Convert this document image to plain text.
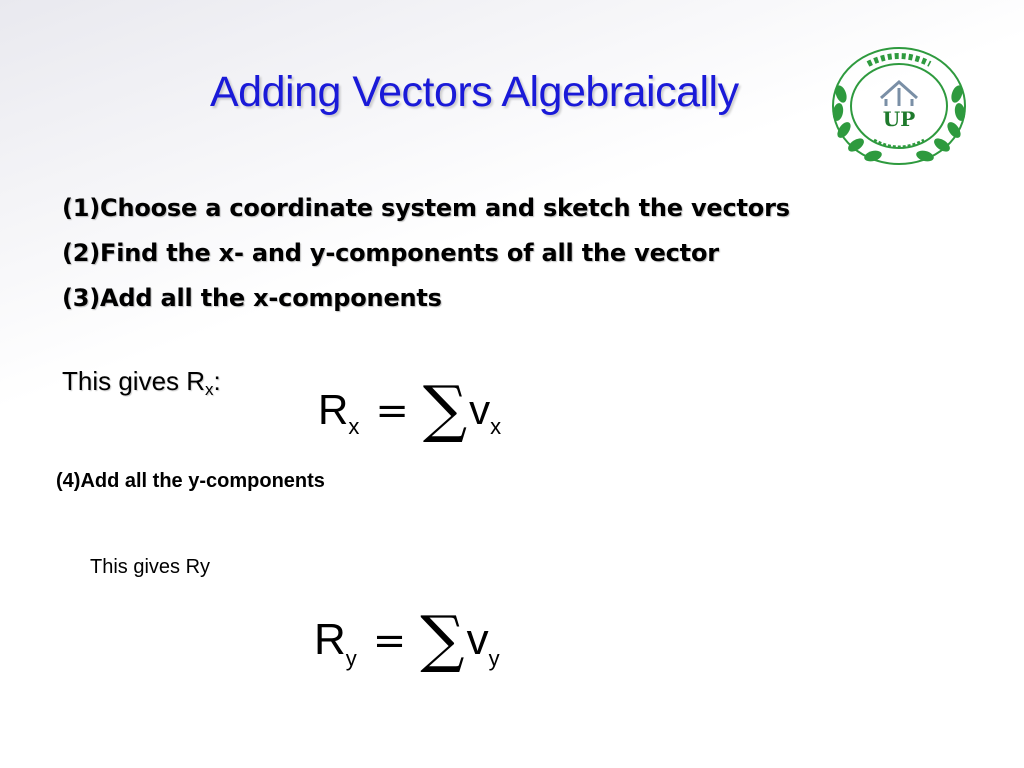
Adding Vectors Algebraically
UP
(1)Choose a coordinate system and sketch the vectors
(2)Find the x- and y-components of all the vector
(3)Add all the x-components
This gives $R_x$:
Rx = ∑vx
(4)Add all the y-components
This gives Ry
Ry = ∑vy
